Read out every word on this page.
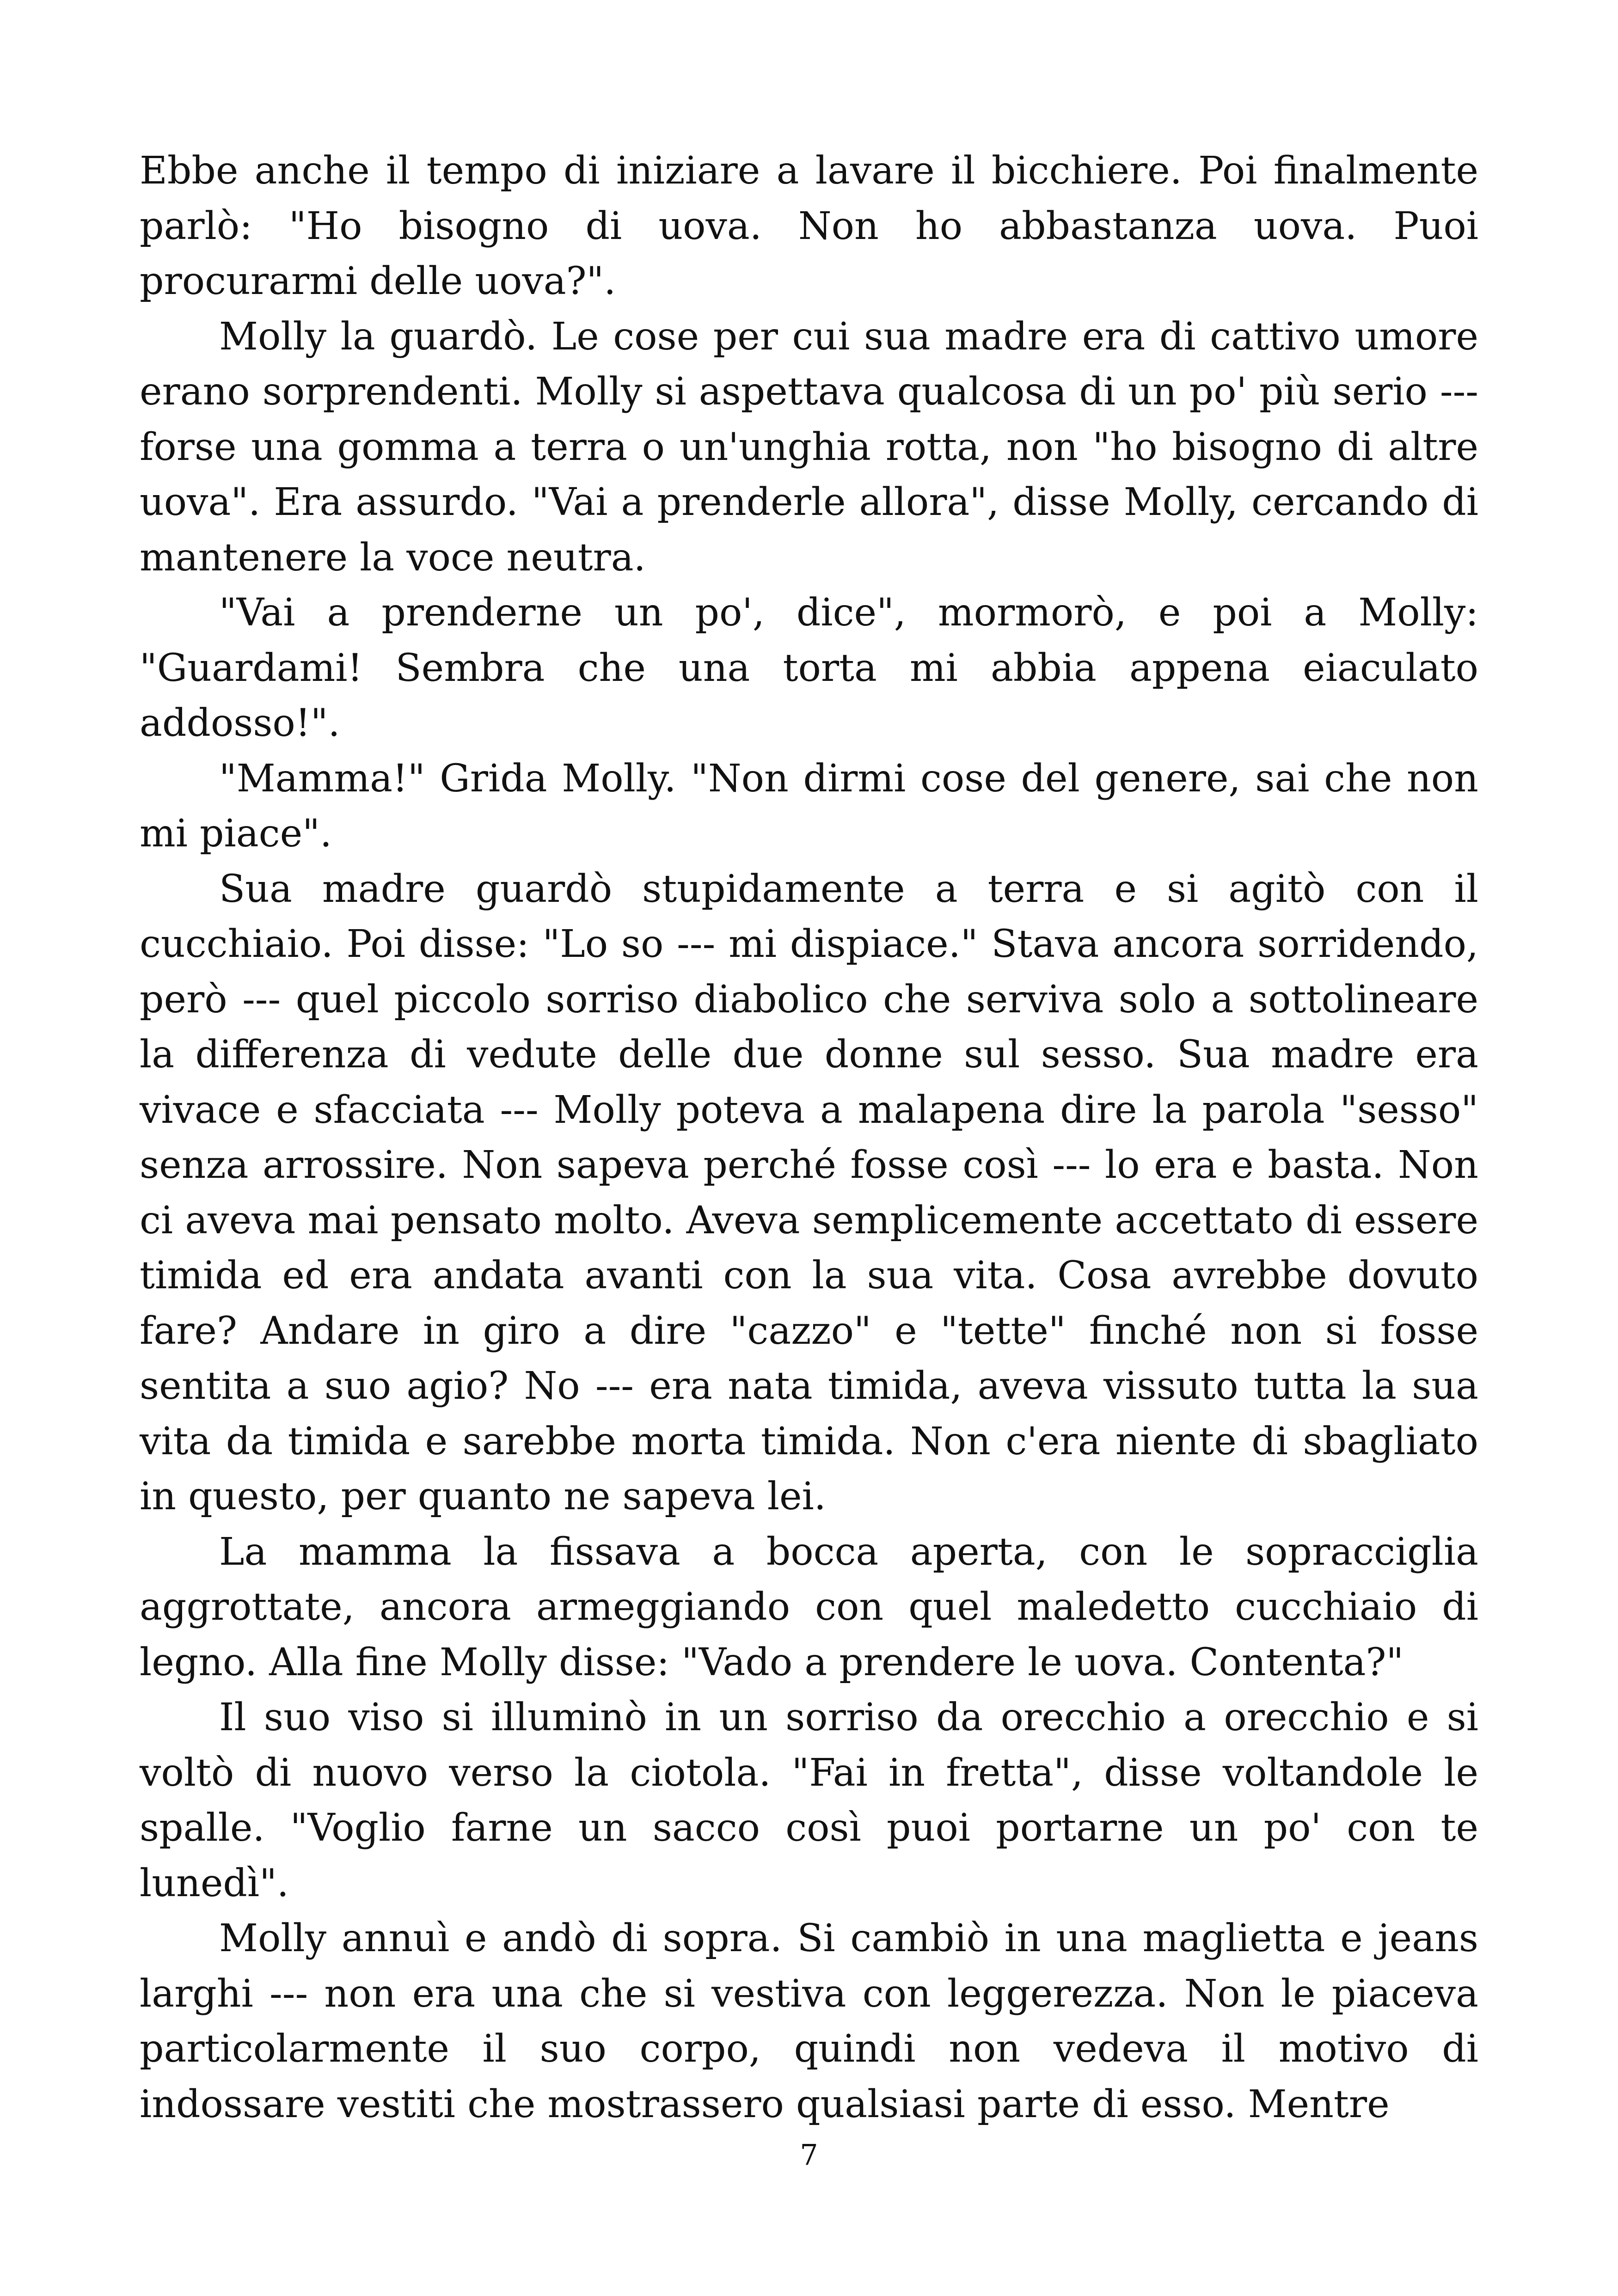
Ebbe anche il tempo di iniziare a lavare il bicchiere. Poi finalmente parlò: "Ho bisogno di uova. Non ho abbastanza uova. Puoi procurarmi delle uova?".

Molly la guardò. Le cose per cui sua madre era di cattivo umore erano sorprendenti. Molly si aspettava qualcosa di un po' più serio --- forse una gomma a terra o un'unghia rotta, non "ho bisogno di altre uova". Era assurdo. "Vai a prenderle allora", disse Molly, cercando di mantenere la voce neutra.

"Vai a prenderne un po', dice", mormorò, e poi a Molly: "Guardami! Sembra che una torta mi abbia appena eiaculato addosso!".

"Mamma!" Grida Molly. "Non dirmi cose del genere, sai che non mi piace".

Sua madre guardò stupidamente a terra e si agitò con il cucchiaio. Poi disse: "Lo so --- mi dispiace." Stava ancora sorridendo, però --- quel piccolo sorriso diabolico che serviva solo a sottolineare la differenza di vedute delle due donne sul sesso. Sua madre era vivace e sfacciata --- Molly poteva a malapena dire la parola "sesso" senza arrossire. Non sapeva perché fosse così --- lo era e basta. Non ci aveva mai pensato molto. Aveva semplicemente accettato di essere timida ed era andata avanti con la sua vita. Cosa avrebbe dovuto fare? Andare in giro a dire "cazzo" e "tette" finché non si fosse sentita a suo agio? No --- era nata timida, aveva vissuto tutta la sua vita da timida e sarebbe morta timida. Non c'era niente di sbagliato in questo, per quanto ne sapeva lei.

La mamma la fissava a bocca aperta, con le sopracciglia aggrottate, ancora armeggiando con quel maledetto cucchiaio di legno. Alla fine Molly disse: "Vado a prendere le uova. Contenta?"

Il suo viso si illuminò in un sorriso da orecchio a orecchio e si voltò di nuovo verso la ciotola. "Fai in fretta", disse voltandole le spalle. "Voglio farne un sacco così puoi portarne un po' con te lunedì".

Molly annuì e andò di sopra. Si cambiò in una maglietta e jeans larghi --- non era una che si vestiva con leggerezza. Non le piaceva particolarmente il suo corpo, quindi non vedeva il motivo di indossare vestiti che mostrassero qualsiasi parte di esso. Mentre

7
